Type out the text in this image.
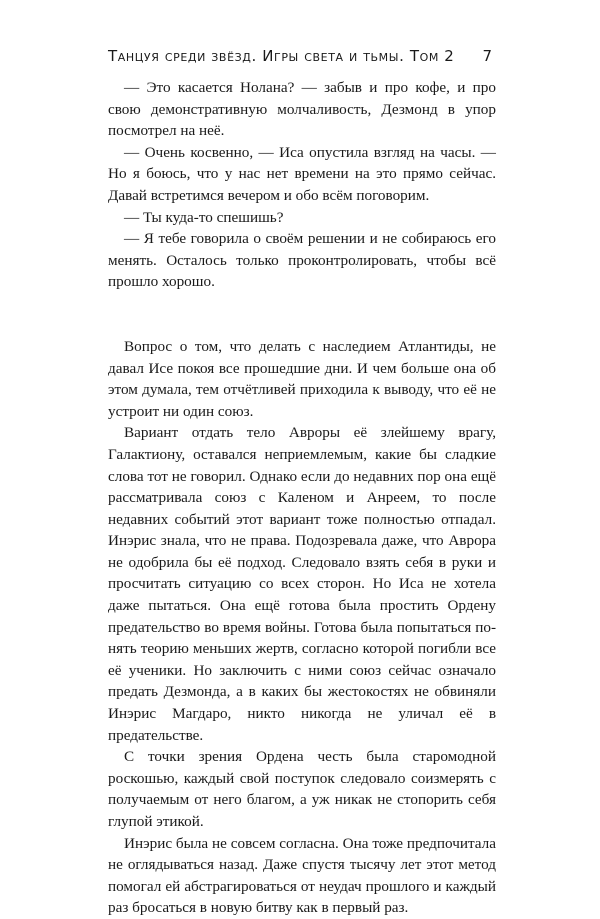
Танцуя среди звёзд. Игры света и тьмы. Том 2 7

— Это касается Нолана? — забыв и про кофе, и про свою демонстративную молчаливость, Дезмонд в упор посмотрел на неё.

— Очень косвенно, — Иса опустила взгляд на часы. — Но я боюсь, что у нас нет времени на это прямо сейчас. Давай встретимся вечером и обо всём поговорим.

— Ты куда-то спешишь?

— Я тебе говорила о своём решении и не собираюсь его менять. Осталось только проконтролировать, чтобы всё прошло хорошо.

Вопрос о том, что делать с наследием Атлантиды, не давал Исе покоя все прошедшие дни. И чем больше она об этом думала, тем отчётливей приходила к выводу, что её не устроит ни один союз.

Вариант отдать тело Авроры её злейшему врагу, Галактиону, оставался неприемлемым, какие бы сладкие слова тот не говорил. Однако если до недавних пор она ещё рассматривала союз с Каленом и Анреем, то после недавних событий этот вариант тоже полностью отпадал. Инэрис знала, что не права. Подозревала даже, что Аврора не одобрила бы её подход. Следовало взять себя в руки и просчитать ситуацию со всех сторон. Но Иса не хотела даже пытаться. Она ещё готова была простить Ордену предательство во время войны. Готова была попытаться понять теорию меньших жертв, согласно которой погибли все её ученики. Но заключить с ними союз сейчас означало предать Дезмонда, а в каких бы жестокостях не обвиняли Инэрис Магдаро, никто никогда не уличал её в предательстве.

С точки зрения Ордена честь была старомодной роскошью, каждый свой поступок следовало соизмерять с получаемым от него благом, а уж никак не стопорить себя глупой этикой.

Инэрис была не совсем согласна. Она тоже предпочитала не оглядываться назад. Даже спустя тысячу лет этот метод помогал ей абстрагироваться от неудач прошлого и каждый раз бросаться в новую битву как в первый раз.
